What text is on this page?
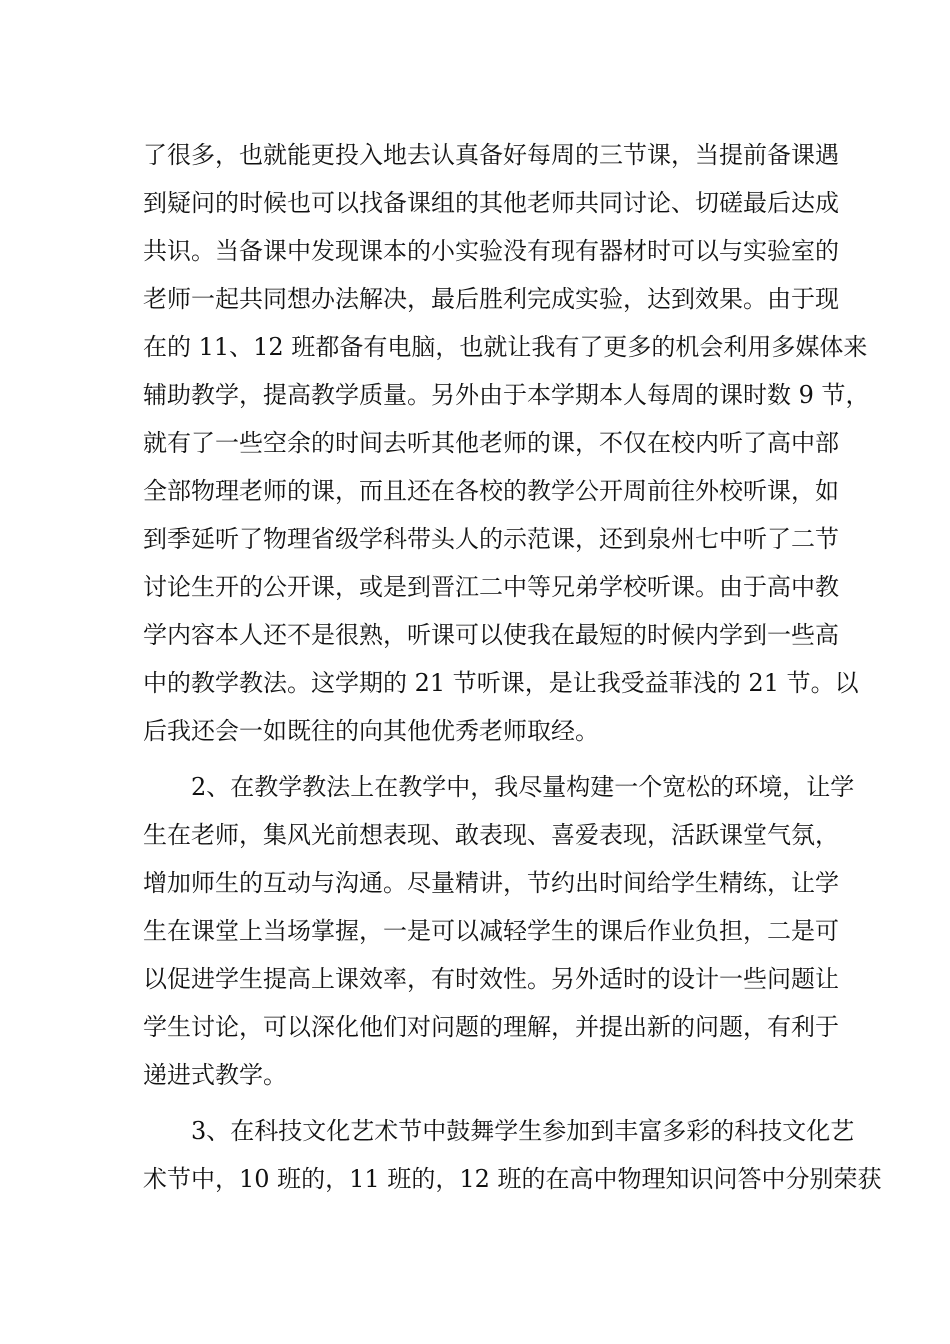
了很多，也就能更投入地去认真备好每周的三节课，当提前备课遇
到疑问的时候也可以找备课组的其他老师共同讨论、切磋最后达成
共识。当备课中发现课本的小实验没有现有器材时可以与实验室的
老师一起共同想办法解决，最后胜利完成实验，达到效果。由于现
在的 11、12 班都备有电脑，也就让我有了更多的机会利用多媒体来
辅助教学，提高教学质量。另外由于本学期本人每周的课时数 9 节，
就有了一些空余的时间去听其他老师的课，不仅在校内听了高中部
全部物理老师的课，而且还在各校的教学公开周前往外校听课，如
到季延听了物理省级学科带头人的示范课，还到泉州七中听了二节
讨论生开的公开课，或是到晋江二中等兄弟学校听课。由于高中教
学内容本人还不是很熟，听课可以使我在最短的时候内学到一些高
中的教学教法。这学期的 21 节听课，是让我受益菲浅的 21 节。以
后我还会一如既往的向其他优秀老师取经。
2、在教学教法上在教学中，我尽量构建一个宽松的环境，让学
生在老师，集风光前想表现、敢表现、喜爱表现，活跃课堂气氛，
增加师生的互动与沟通。尽量精讲，节约出时间给学生精练，让学
生在课堂上当场掌握，一是可以减轻学生的课后作业负担，二是可
以促进学生提高上课效率，有时效性。另外适时的设计一些问题让
学生讨论，可以深化他们对问题的理解，并提出新的问题，有利于
递进式教学。
3、在科技文化艺术节中鼓舞学生参加到丰富多彩的科技文化艺
术节中，10 班的，11 班的，12 班的在高中物理知识问答中分别荣获
